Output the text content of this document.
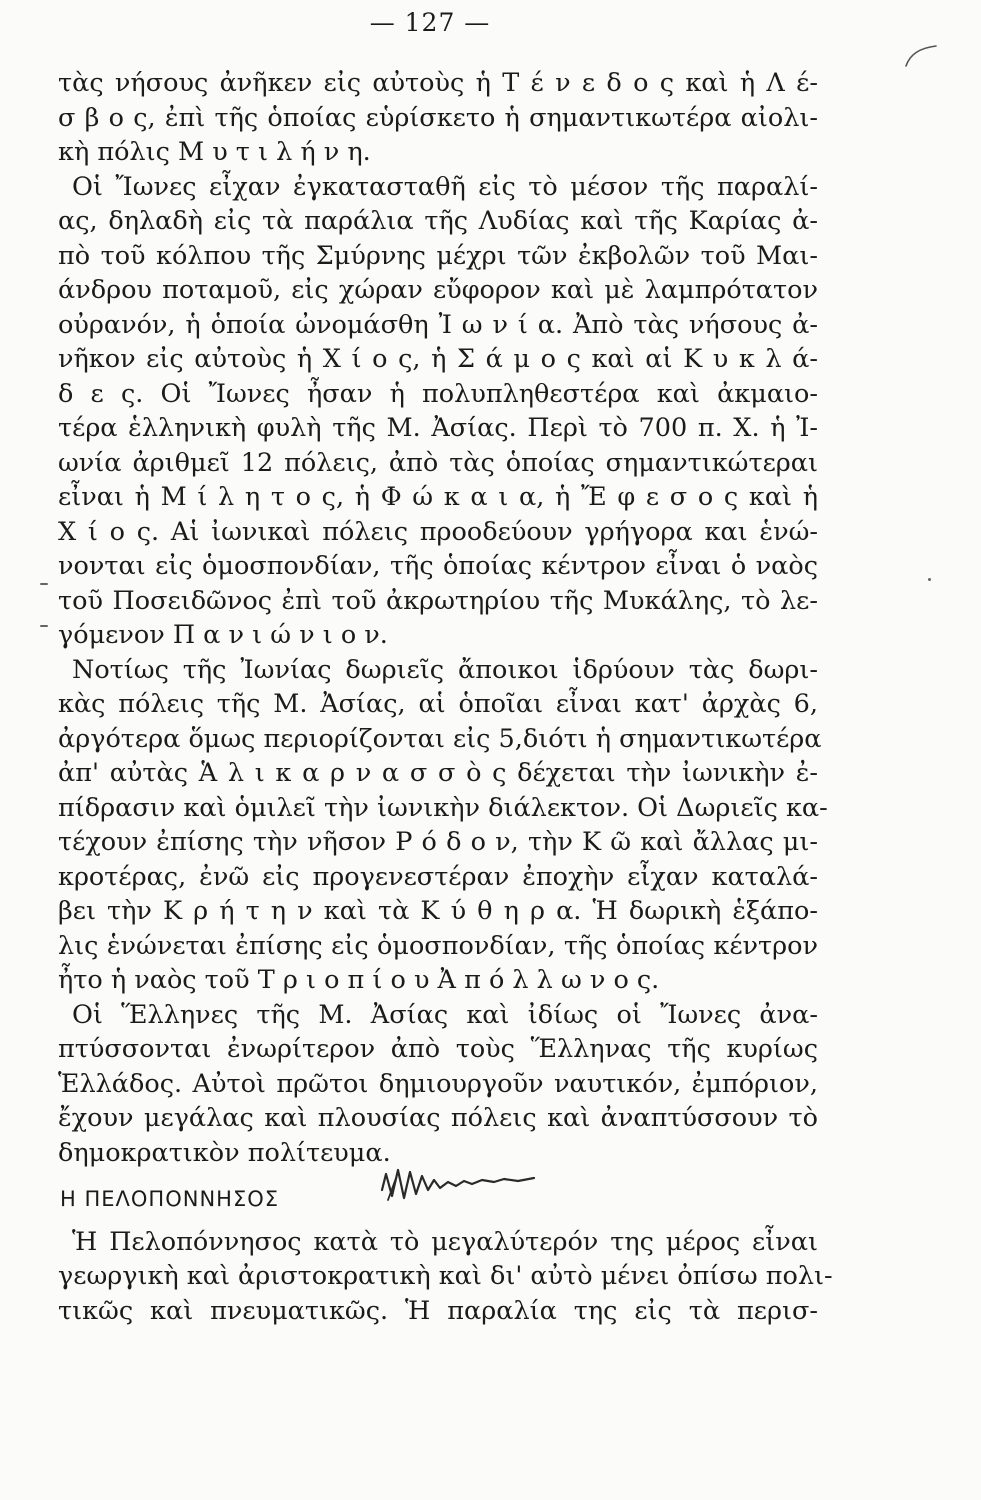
— 127 —
τὰς νήσους ἀνῆκεν εἰς αὐτοὺς ἡ Τ έ ν ε δ ο ς καὶ ἡ Λ έ-
σ β ο ς, ἐπὶ τῆς ὁποίας εὑρίσκετο ἡ σημαντικωτέρα αἰολι-
κὴ πόλις Μ υ τ ι λ ή ν η.
Οἱ Ἴωνες εἶχαν ἐγκατασταθῆ εἰς τὸ μέσον τῆς παραλί-
ας, δηλαδὴ εἰς τὰ παράλια τῆς Λυδίας καὶ τῆς Καρίας ἀ-
πὸ τοῦ κόλπου τῆς Σμύρνης μέχρι τῶν ἐκβολῶν τοῦ Μαι-
άνδρου ποταμοῦ, εἰς χώραν εὔφορον καὶ μὲ λαμπρότατον
οὐρανόν, ἡ ὁποία ὠνομάσθη Ἰ ω ν ί α. Ἀπὸ τὰς νήσους ἀ-
νῆκον εἰς αὐτοὺς ἡ Χ ί ο ς, ἡ Σ ά μ ο ς καὶ αἱ Κ υ κ λ ά-
δ ε ς. Οἱ Ἴωνες ἦσαν ἡ πολυπληθεστέρα καὶ ἀκμαιο-
τέρα ἑλληνικὴ φυλὴ τῆς Μ. Ἀσίας. Περὶ τὸ 700 π. Χ. ἡ Ἰ-
ωνία ἀριθμεῖ 12 πόλεις, ἀπὸ τὰς ὁποίας σημαντικώτεραι
εἶναι ἡ Μ ί λ η τ ο ς, ἡ Φ ώ κ α ι α, ἡ Ἔ φ ε σ ο ς καὶ ἡ
Χ ί ο ς. Αἱ ἰωνικαὶ πόλεις προοδεύουν γρήγορα και ἑνώ-
νονται εἰς ὁμοσπονδίαν, τῆς ὁποίας κέντρον εἶναι ὁ ναὸς
τοῦ Ποσειδῶνος ἐπὶ τοῦ ἀκρωτηρίου τῆς Μυκάλης, τὸ λε-
γόμενον Π α ν ι ώ ν ι ο ν.
Νοτίως τῆς Ἰωνίας δωριεῖς ἄποικοι ἱδρύουν τὰς δωρι-
κὰς πόλεις τῆς Μ. Ἀσίας, αἱ ὁποῖαι εἶναι κατ' ἀρχὰς 6,
ἀργότερα ὅμως περιορίζονται εἰς 5,διότι ἡ σημαντικωτέρα
ἀπ' αὐτὰς Ἁ λ ι κ α ρ ν α σ σ ὸ ς δέχεται τὴν ἰωνικὴν ἐ-
πίδρασιν καὶ ὁμιλεῖ τὴν ἰωνικὴν διάλεκτον. Οἱ Δωριεῖς κα-
τέχουν ἐπίσης τὴν νῆσον Ρ ό δ ο ν, τὴν Κ ῶ καὶ ἄλλας μι-
κροτέρας, ἐνῶ εἰς προγενεστέραν ἐποχὴν εἶχαν καταλά-
βει τὴν Κ ρ ή τ η ν καὶ τὰ Κ ύ θ η ρ α. Ἡ δωρικὴ ἑξάπο-
λις ἑνώνεται ἐπίσης εἰς ὁμοσπονδίαν, τῆς ὁποίας κέντρον
ἦτο ἡ ναὸς τοῦ Τ ρ ι ο π ί ο υ Ἀ π ό λ λ ω ν ο ς.
Οἱ Ἕλληνες τῆς Μ. Ἀσίας καὶ ἰδίως οἱ Ἴωνες ἀνα-
πτύσσονται ἐνωρίτερον ἀπὸ τοὺς Ἕλληνας τῆς κυρίως
Ἑλλάδος. Αὐτοὶ πρῶτοι δημιουργοῦν ναυτικόν, ἐμπόριον,
ἔχουν μεγάλας καὶ πλουσίας πόλεις καὶ ἀναπτύσσουν τὸ
δημοκρατικὸν πολίτευμα.
Η ΠΕΛΟΠΟΝΝΗΣΟΣ
Ἡ Πελοπόννησος κατὰ τὸ μεγαλύτερόν της μέρος εἶναι
γεωργικὴ καὶ ἀριστοκρατικὴ καὶ δι' αὐτὸ μένει ὀπίσω πολι-
τικῶς καὶ πνευματικῶς. Ἡ παραλία της εἰς τὰ περισ-
